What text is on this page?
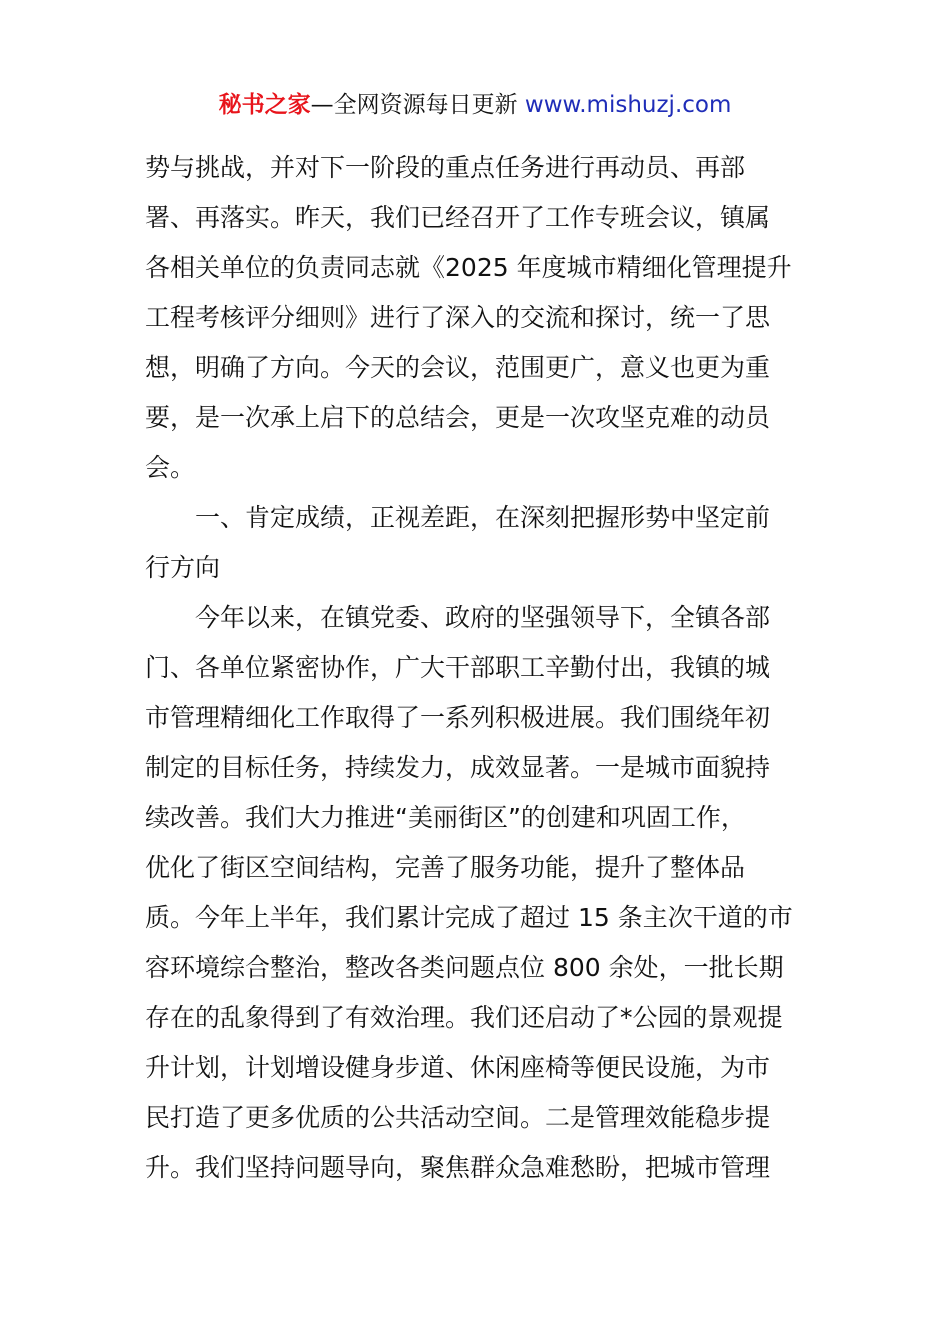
秘书之家—全网资源每日更新 www.mishuzj.com

势与挑战，并对下一阶段的重点任务进行再动员、再部
署、再落实。昨天，我们已经召开了工作专班会议，镇属
各相关单位的负责同志就《2025 年度城市精细化管理提升
工程考核评分细则》进行了深入的交流和探讨，统一了思
想，明确了方向。今天的会议，范围更广，意义也更为重
要，是一次承上启下的总结会，更是一次攻坚克难的动员
会。

一、肯定成绩，正视差距，在深刻把握形势中坚定前
行方向

今年以来，在镇党委、政府的坚强领导下，全镇各部
门、各单位紧密协作，广大干部职工辛勤付出，我镇的城
市管理精细化工作取得了一系列积极进展。我们围绕年初
制定的目标任务，持续发力，成效显著。一是城市面貌持
续改善。我们大力推进“美丽街区”的创建和巩固工作，
优化了街区空间结构，完善了服务功能，提升了整体品
质。今年上半年，我们累计完成了超过 15 条主次干道的市
容环境综合整治，整改各类问题点位 800 余处，一批长期
存在的乱象得到了有效治理。我们还启动了*公园的景观提
升计划，计划增设健身步道、休闲座椅等便民设施，为市
民打造了更多优质的公共活动空间。二是管理效能稳步提
升。我们坚持问题导向，聚焦群众急难愁盼，把城市管理
